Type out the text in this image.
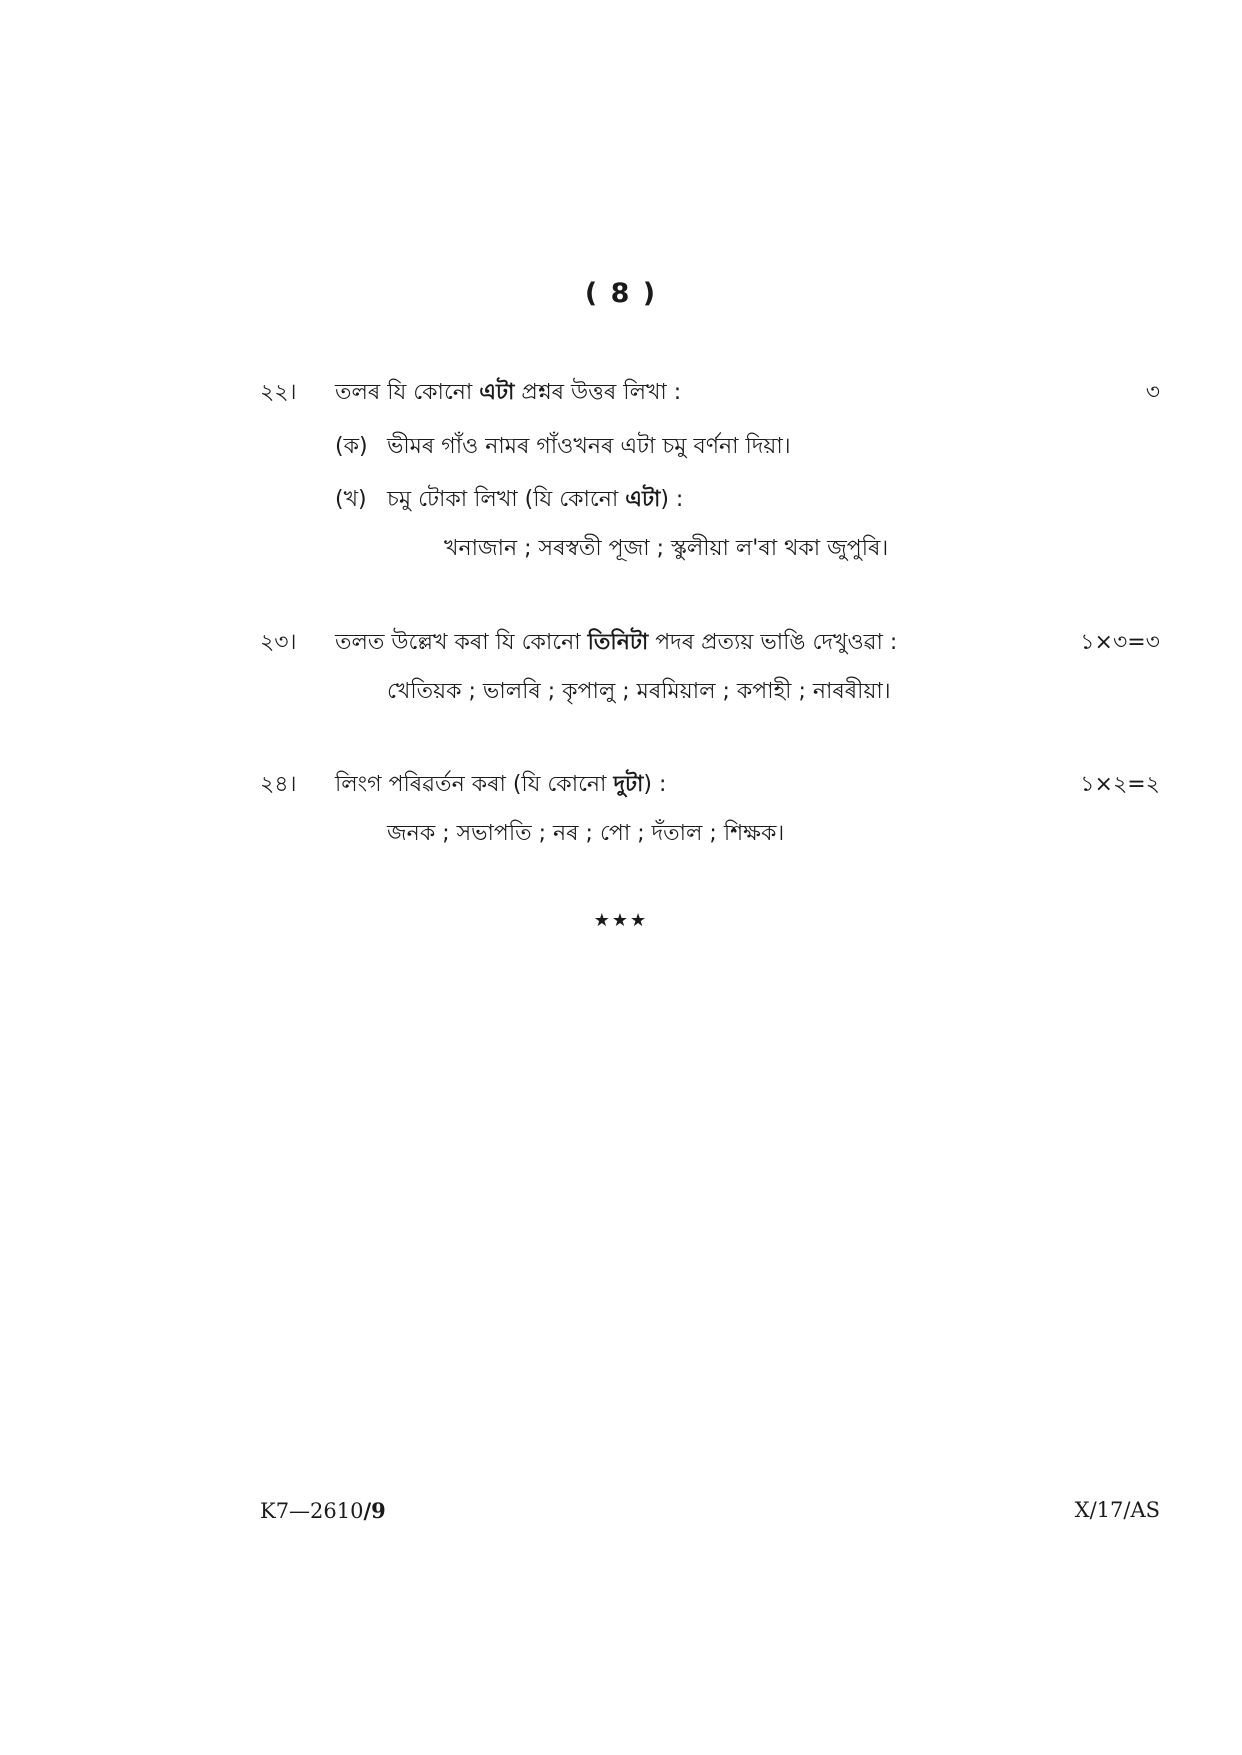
( 8 )
২২। তলৰ যি কোনো এটা প্ৰশ্নৰ উত্তৰ লিখা :	৩
(ক) ভীমৰ গাঁও নামৰ গাঁওখনৰ এটা চমু বৰ্ণনা দিয়া।
(খ) চমু টোকা লিখা (যি কোনো এটা) :
খনাজান ; সৰস্বতী পূজা ; স্কুলীয়া ল'ৰা থকা জুপুৰি।
২৩। তলত উল্লেখ কৰা যি কোনো তিনিটা পদৰ প্ৰত্যয় ভাঙি দেখুওৱা :	১×৩=৩
খেতিয়ক ; ভালৰি ; কৃপালু ; মৰমিয়াল ; কপাহী ; নাৰৰীয়া।
২৪। লিংগ পৰিৱৰ্তন কৰা (যি কোনো দুটা) :	১×২=২
জনক ; সভাপতি ; নৰ ; পো ; দঁতাল ; শিক্ষক।
★★★
K7—2610/9	X/17/AS
